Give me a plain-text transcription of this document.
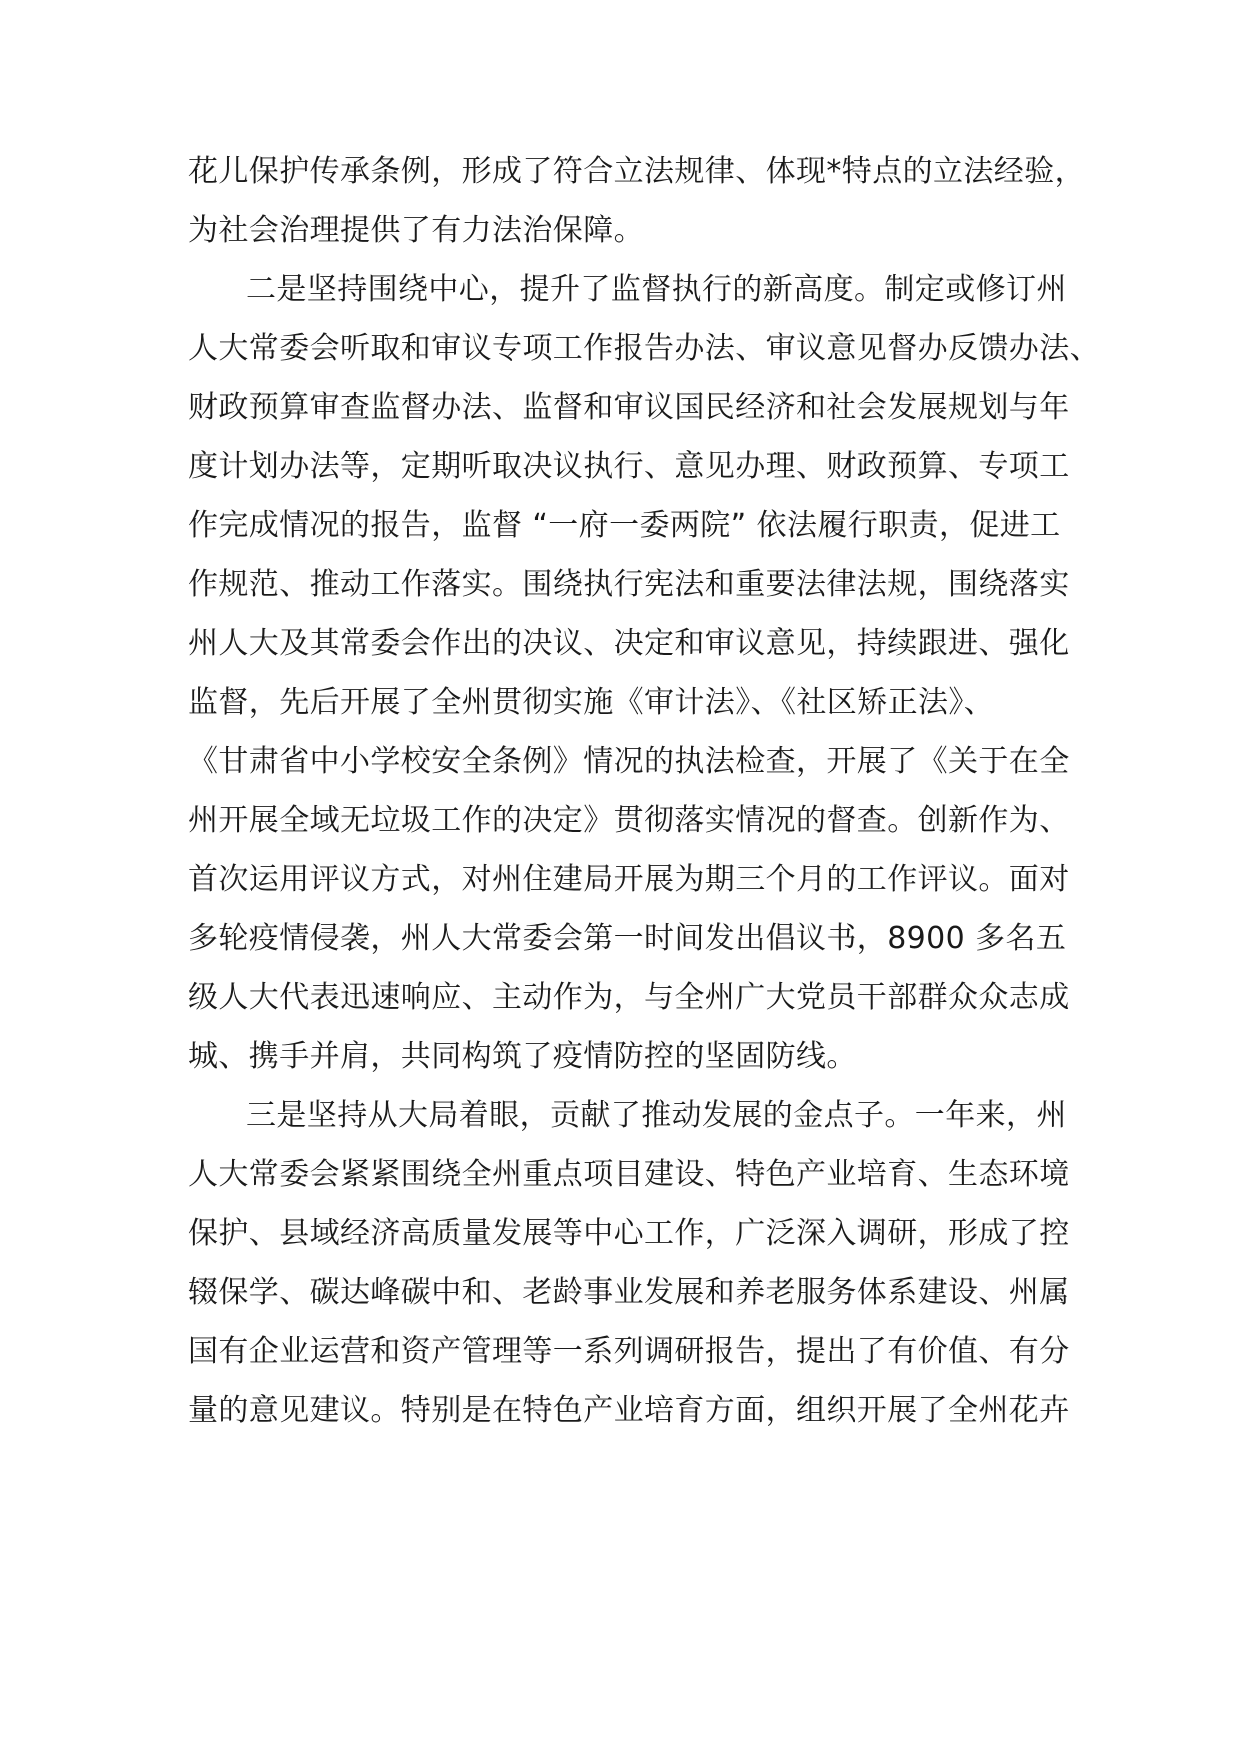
花儿保护传承条例，形成了符合立法规律、体现*特点的立法经验，
为社会治理提供了有力法治保障。
二是坚持围绕中心，提升了监督执行的新高度。制定或修订州
人大常委会听取和审议专项工作报告办法、审议意见督办反馈办法、
财政预算审查监督办法、监督和审议国民经济和社会发展规划与年
度计划办法等，定期听取决议执行、意见办理、财政预算、专项工
作完成情况的报告，监督 “一府一委两院” 依法履行职责，促进工
作规范、推动工作落实。围绕执行宪法和重要法律法规，围绕落实
州人大及其常委会作出的决议、决定和审议意见，持续跟进、强化
监督，先后开展了全州贯彻实施《审计法》、《社区矫正法》、
《甘肃省中小学校安全条例》情况的执法检查，开展了《关于在全
州开展全域无垃圾工作的决定》贯彻落实情况的督查。创新作为、
首次运用评议方式，对州住建局开展为期三个月的工作评议。面对
多轮疫情侵袭，州人大常委会第一时间发出倡议书，8900 多名五
级人大代表迅速响应、主动作为，与全州广大党员干部群众众志成
城、携手并肩，共同构筑了疫情防控的坚固防线。
三是坚持从大局着眼，贡献了推动发展的金点子。一年来，州
人大常委会紧紧围绕全州重点项目建设、特色产业培育、生态环境
保护、县域经济高质量发展等中心工作，广泛深入调研，形成了控
辍保学、碳达峰碳中和、老龄事业发展和养老服务体系建设、州属
国有企业运营和资产管理等一系列调研报告，提出了有价值、有分
量的意见建议。特别是在特色产业培育方面，组织开展了全州花卉
